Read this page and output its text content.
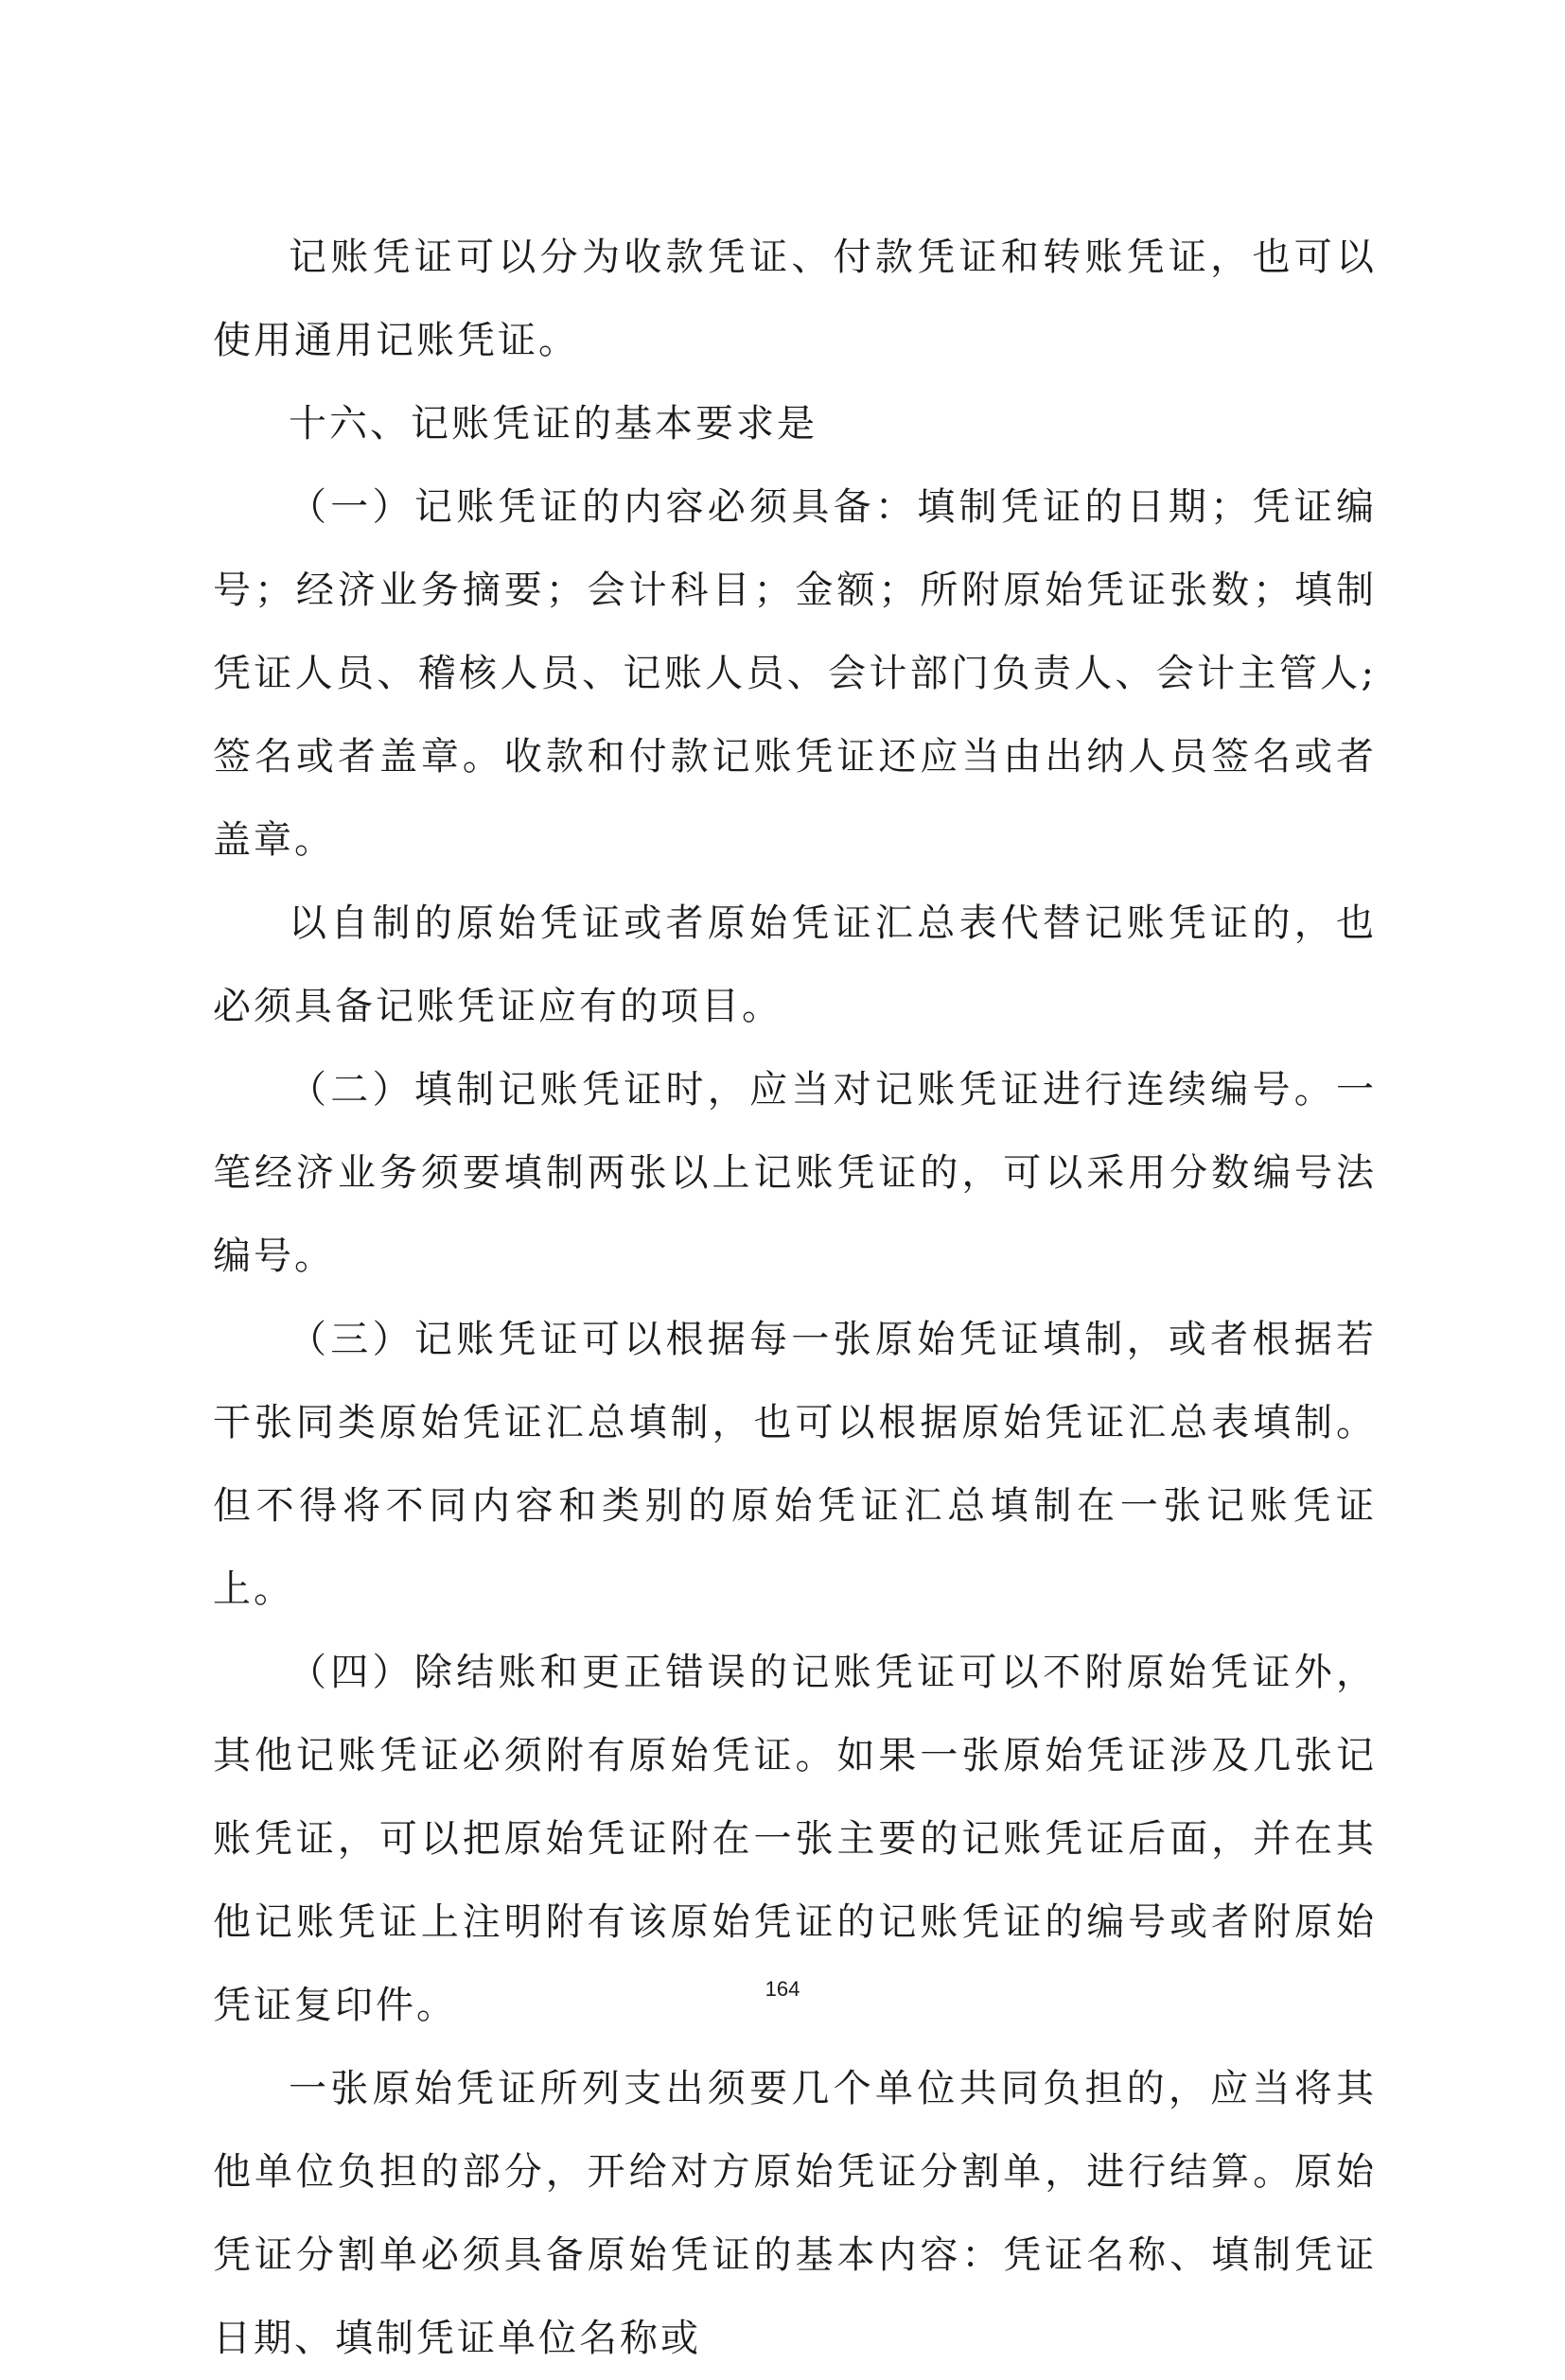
记账凭证可以分为收款凭证、付款凭证和转账凭证，也可以使用通用记账凭证。

十六、记账凭证的基本要求是

（一）记账凭证的内容必须具备：填制凭证的日期；凭证编号；经济业务摘要；会计科目；金额；所附原始凭证张数；填制凭证人员、稽核人员、记账人员、会计部门负责人、会计主管人;签名或者盖章。收款和付款记账凭证还应当由出纳人员签名或者盖章。

以自制的原始凭证或者原始凭证汇总表代替记账凭证的，也必须具备记账凭证应有的项目。

（二）填制记账凭证时，应当对记账凭证进行连续编号。一笔经济业务须要填制两张以上记账凭证的，可以采用分数编号法编号。

（三）记账凭证可以根据每一张原始凭证填制，或者根据若干张同类原始凭证汇总填制，也可以根据原始凭证汇总表填制。但不得将不同内容和类别的原始凭证汇总填制在一张记账凭证上。

（四）除结账和更正错误的记账凭证可以不附原始凭证外，其他记账凭证必须附有原始凭证。如果一张原始凭证涉及几张记账凭证，可以把原始凭证附在一张主要的记账凭证后面，并在其他记账凭证上注明附有该原始凭证的记账凭证的编号或者附原始凭证复印件。

一张原始凭证所列支出须要几个单位共同负担的，应当将其他单位负担的部分，开给对方原始凭证分割单，进行结算。原始凭证分割单必须具备原始凭证的基本内容：凭证名称、填制凭证日期、填制凭证单位名称或

164
